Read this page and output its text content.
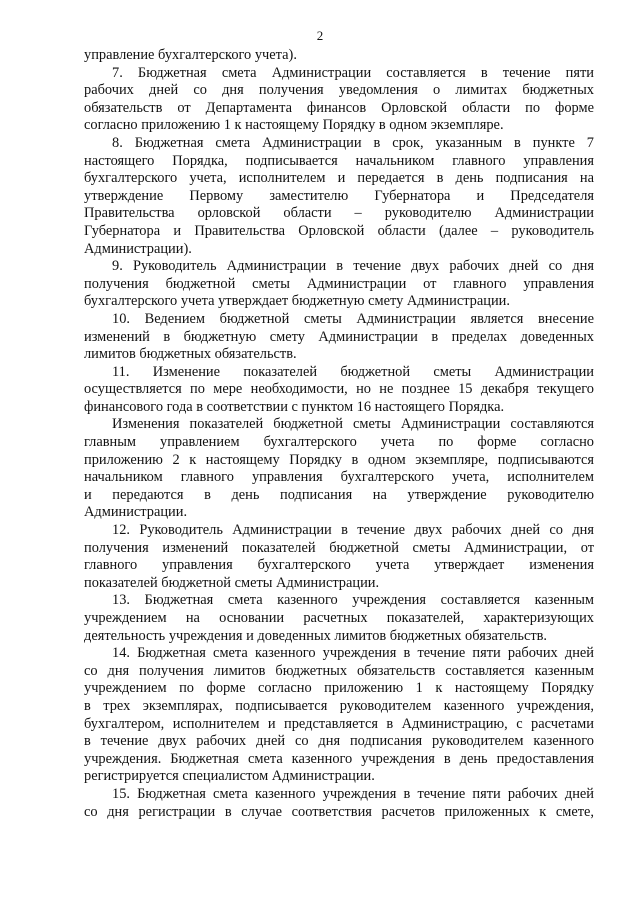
2
управление бухгалтерского учета).
7. Бюджетная смета Администрации составляется в течение пяти
рабочих дней со дня получения уведомления о лимитах бюджетных
обязательств от Департамента финансов Орловской области по форме
согласно приложению 1 к настоящему Порядку в одном экземпляре.
8. Бюджетная смета Администрации в срок, указанным в пункте 7
настоящего Порядка, подписывается начальником главного управления
бухгалтерского учета, исполнителем и передается в день подписания на
утверждение Первому заместителю Губернатора и Председателя
Правительства орловской области – руководителю Администрации
Губернатора и Правительства Орловской области (далее – руководитель
Администрации).
9. Руководитель Администрации в течение двух рабочих дней со дня
получения бюджетной сметы Администрации от главного управления
бухгалтерского учета утверждает бюджетную смету Администрации.
10. Ведением бюджетной сметы Администрации является внесение
изменений в бюджетную смету Администрации в пределах доведенных
лимитов бюджетных обязательств.
11. Изменение показателей бюджетной сметы Администрации
осуществляется по мере необходимости, но не позднее 15 декабря текущего
финансового года в соответствии с пунктом 16 настоящего Порядка.
Изменения показателей бюджетной сметы Администрации составляются
главным управлением бухгалтерского учета по форме согласно
приложению 2 к настоящему Порядку в одном экземпляре, подписываются
начальником главного управления бухгалтерского учета, исполнителем
и передаются в день подписания на утверждение руководителю
Администрации.
12. Руководитель Администрации в течение двух рабочих дней со дня
получения изменений показателей бюджетной сметы Администрации, от
главного управления бухгалтерского учета утверждает изменения
показателей бюджетной сметы Администрации.
13. Бюджетная смета казенного учреждения составляется казенным
учреждением на основании расчетных показателей, характеризующих
деятельность учреждения и доведенных лимитов бюджетных обязательств.
14. Бюджетная смета казенного учреждения в течение пяти рабочих дней
со дня получения лимитов бюджетных обязательств составляется казенным
учреждением по форме согласно приложению 1 к настоящему Порядку
в трех экземплярах, подписывается руководителем казенного учреждения,
бухгалтером, исполнителем и представляется в Администрацию, с расчетами
в течение двух рабочих дней со дня подписания руководителем казенного
учреждения. Бюджетная смета казенного учреждения в день предоставления
регистрируется специалистом Администрации.
15. Бюджетная смета казенного учреждения в течение пяти рабочих дней
со дня регистрации в случае соответствия расчетов приложенных к смете,
